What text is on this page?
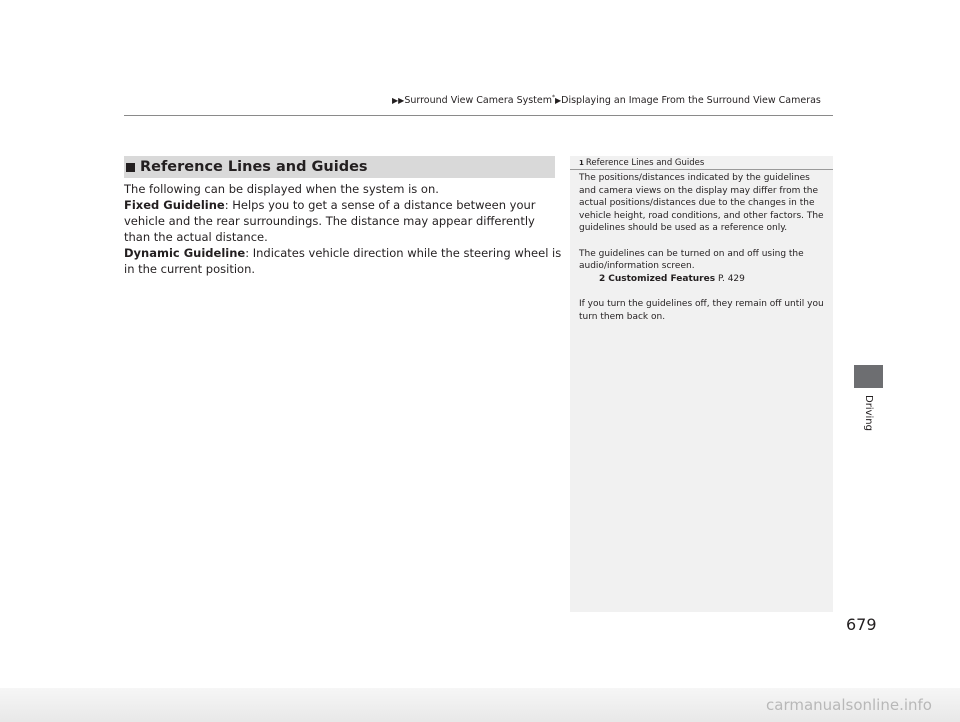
▶▶Surround View Camera System*▶Displaying an Image From the Surround View Cameras
Reference Lines and Guides

The following can be displayed when the system is on.

Fixed Guideline: Helps you to get a sense of a distance between your vehicle and the rear surroundings. The distance may appear differently than the actual distance.

Dynamic Guideline: Indicates vehicle direction while the steering wheel is in the current position.

1 Reference Lines and Guides

The positions/distances indicated by the guidelines and camera views on the display may differ from the actual positions/distances due to the changes in the vehicle height, road conditions, and other factors. The guidelines should be used as a reference only.

The guidelines can be turned on and off using the audio/information screen.
2 Customized Features P. 429

If you turn the guidelines off, they remain off until you turn them back on.

Driving
679
carmanualsonline.info
